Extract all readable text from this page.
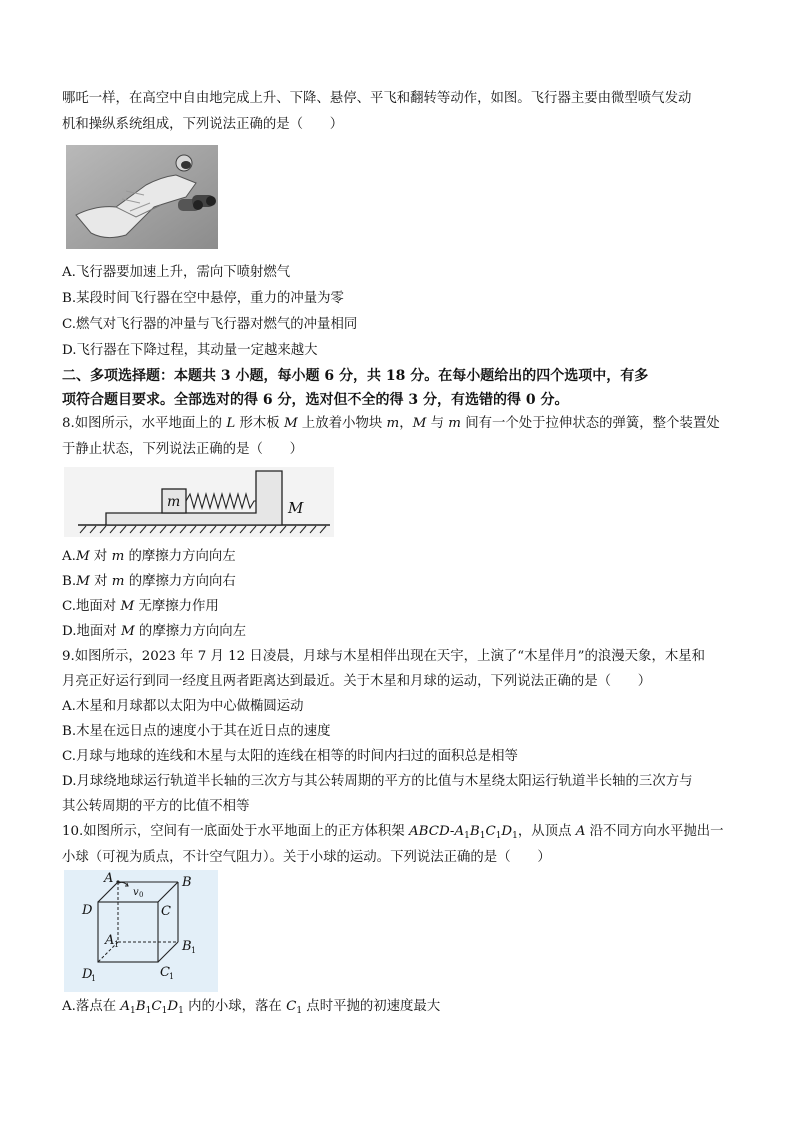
哪吒一样，在高空中自由地完成上升、下降、悬停、平飞和翻转等动作，如图。飞行器主要由微型喷气发动
机和操纵系统组成，下列说法正确的是（　　）
A.飞行器要加速上升，需向下喷射燃气
B.某段时间飞行器在空中悬停，重力的冲量为零
C.燃气对飞行器的冲量与飞行器对燃气的冲量相同
D.飞行器在下降过程，其动量一定越来越大
二、多项选择题：本题共 3 小题，每小题 6 分，共 18 分。在每小题给出的四个选项中，有多
项符合题目要求。全部选对的得 6 分，选对但不全的得 3 分，有选错的得 0 分。
8.如图所示，水平地面上的 L 形木板 M 上放着小物块 m，M 与 m 间有一个处于拉伸状态的弹簧，整个装置处
于静止状态，下列说法正确的是（　　）
m	M
A.M 对 m 的摩擦力方向向左
B.M 对 m 的摩擦力方向向右
C.地面对 M 无摩擦力作用
D.地面对 M 的摩擦力方向向左
9.如图所示，2023 年 7 月 12 日凌晨，月球与木星相伴出现在天宇，上演了“木星伴月”的浪漫天象，木星和
月亮正好运行到同一经度且两者距离达到最近。关于木星和月球的运动，下列说法正确的是（　　）
A.木星和月球都以太阳为中心做椭圆运动
B.木星在远日点的速度小于其在近日点的速度
C.月球与地球的连线和木星与太阳的连线在相等的时间内扫过的面积总是相等
D.月球绕地球运行轨道半长轴的三次方与其公转周期的平方的比值与木星绕太阳运行轨道半长轴的三次方与
其公转周期的平方的比值不相等
10.如图所示，空间有一底面处于水平地面上的正方体积架 ABCD-$A_1B_1C_1D_1$，从顶点 A 沿不同方向水平抛出一
小球（可视为质点，不计空气阻力）。关于小球的运动。下列说法正确的是（　　）
v 0
A	B
C
D
A 1	B 1
C 1
D
1
A.落点在 $A_1B_1C_1D_1$ 内的小球，落在 $C_1$ 点时平抛的初速度最大
